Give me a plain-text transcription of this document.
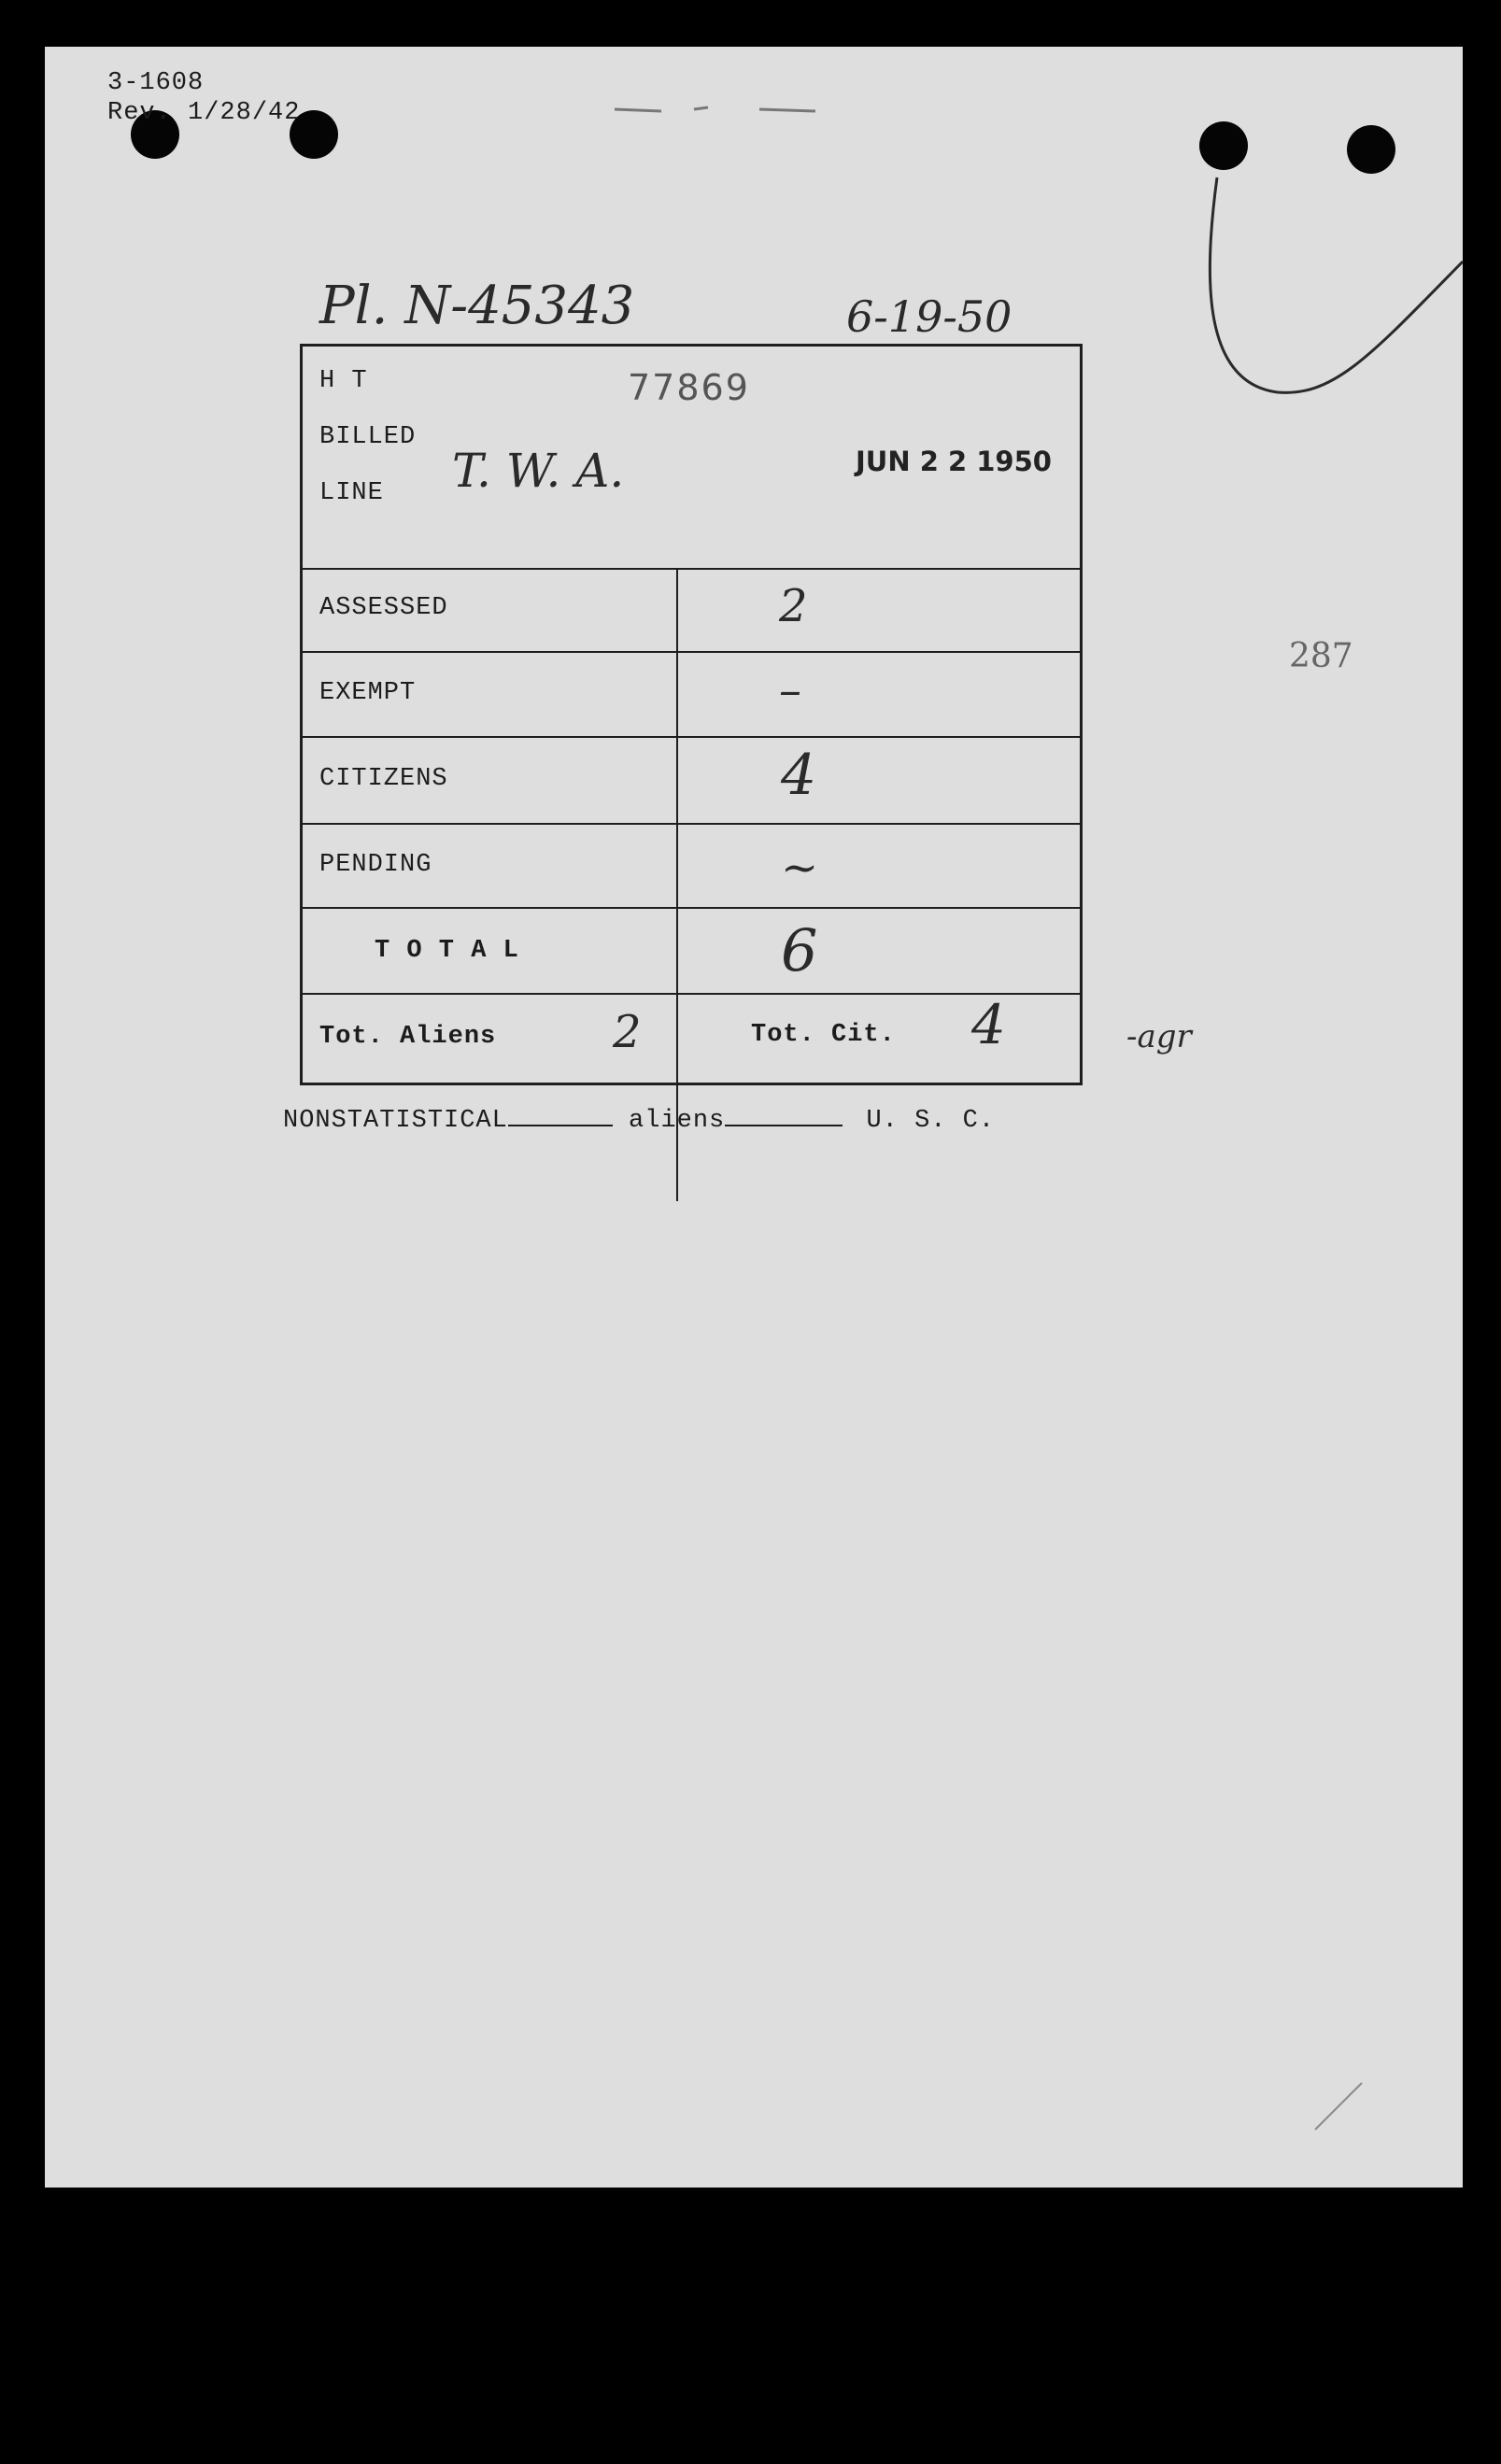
3-1608
Rev. 1/28/42
Pl. N-45343	6-19-50
H T
BILLED
LINE
77869
T. W. A.	JUN 2 2 1950
ASSESSED	2
EXEMPT	–
CITIZENS	4
PENDING	~
T O T A L	6
Tot. Aliens	2	Tot. Cit. 4	-agr
287
NONSTATISTICAL	aliens	U. S. C.
